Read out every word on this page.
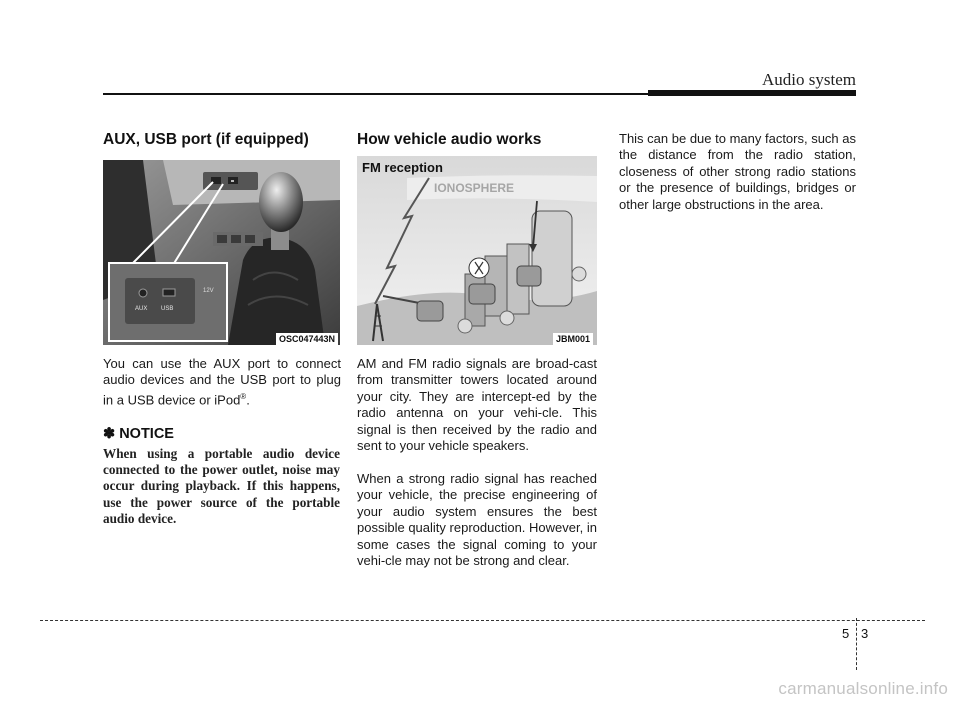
Audio system
AUX, USB port (if equipped)
AUX USB
12V
OSC047443N

You can use the AUX port to connect audio devices and the USB port to plug in a USB device or iPod®.

✽ NOTICE

When using a portable audio device connected to the power outlet, noise may occur during playback. If this happens, use the power source of the portable audio device.

How vehicle audio works
IONOSPHERE
FM reception
JBM001

AM and FM radio signals are broad-cast from transmitter towers located around your city. They are intercept-ed by the radio antenna on your vehi-cle. This signal is then received by the radio and sent to your vehicle speakers.

When a strong radio signal has reached your vehicle, the precise engineering of your audio system ensures the best possible quality reproduction. However, in some cases the signal coming to your vehi-cle may not be strong and clear.

This can be due to many factors, such as the distance from the radio station, closeness of other strong radio stations or the presence of buildings, bridges or other large obstructions in the area.

5 3
carmanualsonline.info
